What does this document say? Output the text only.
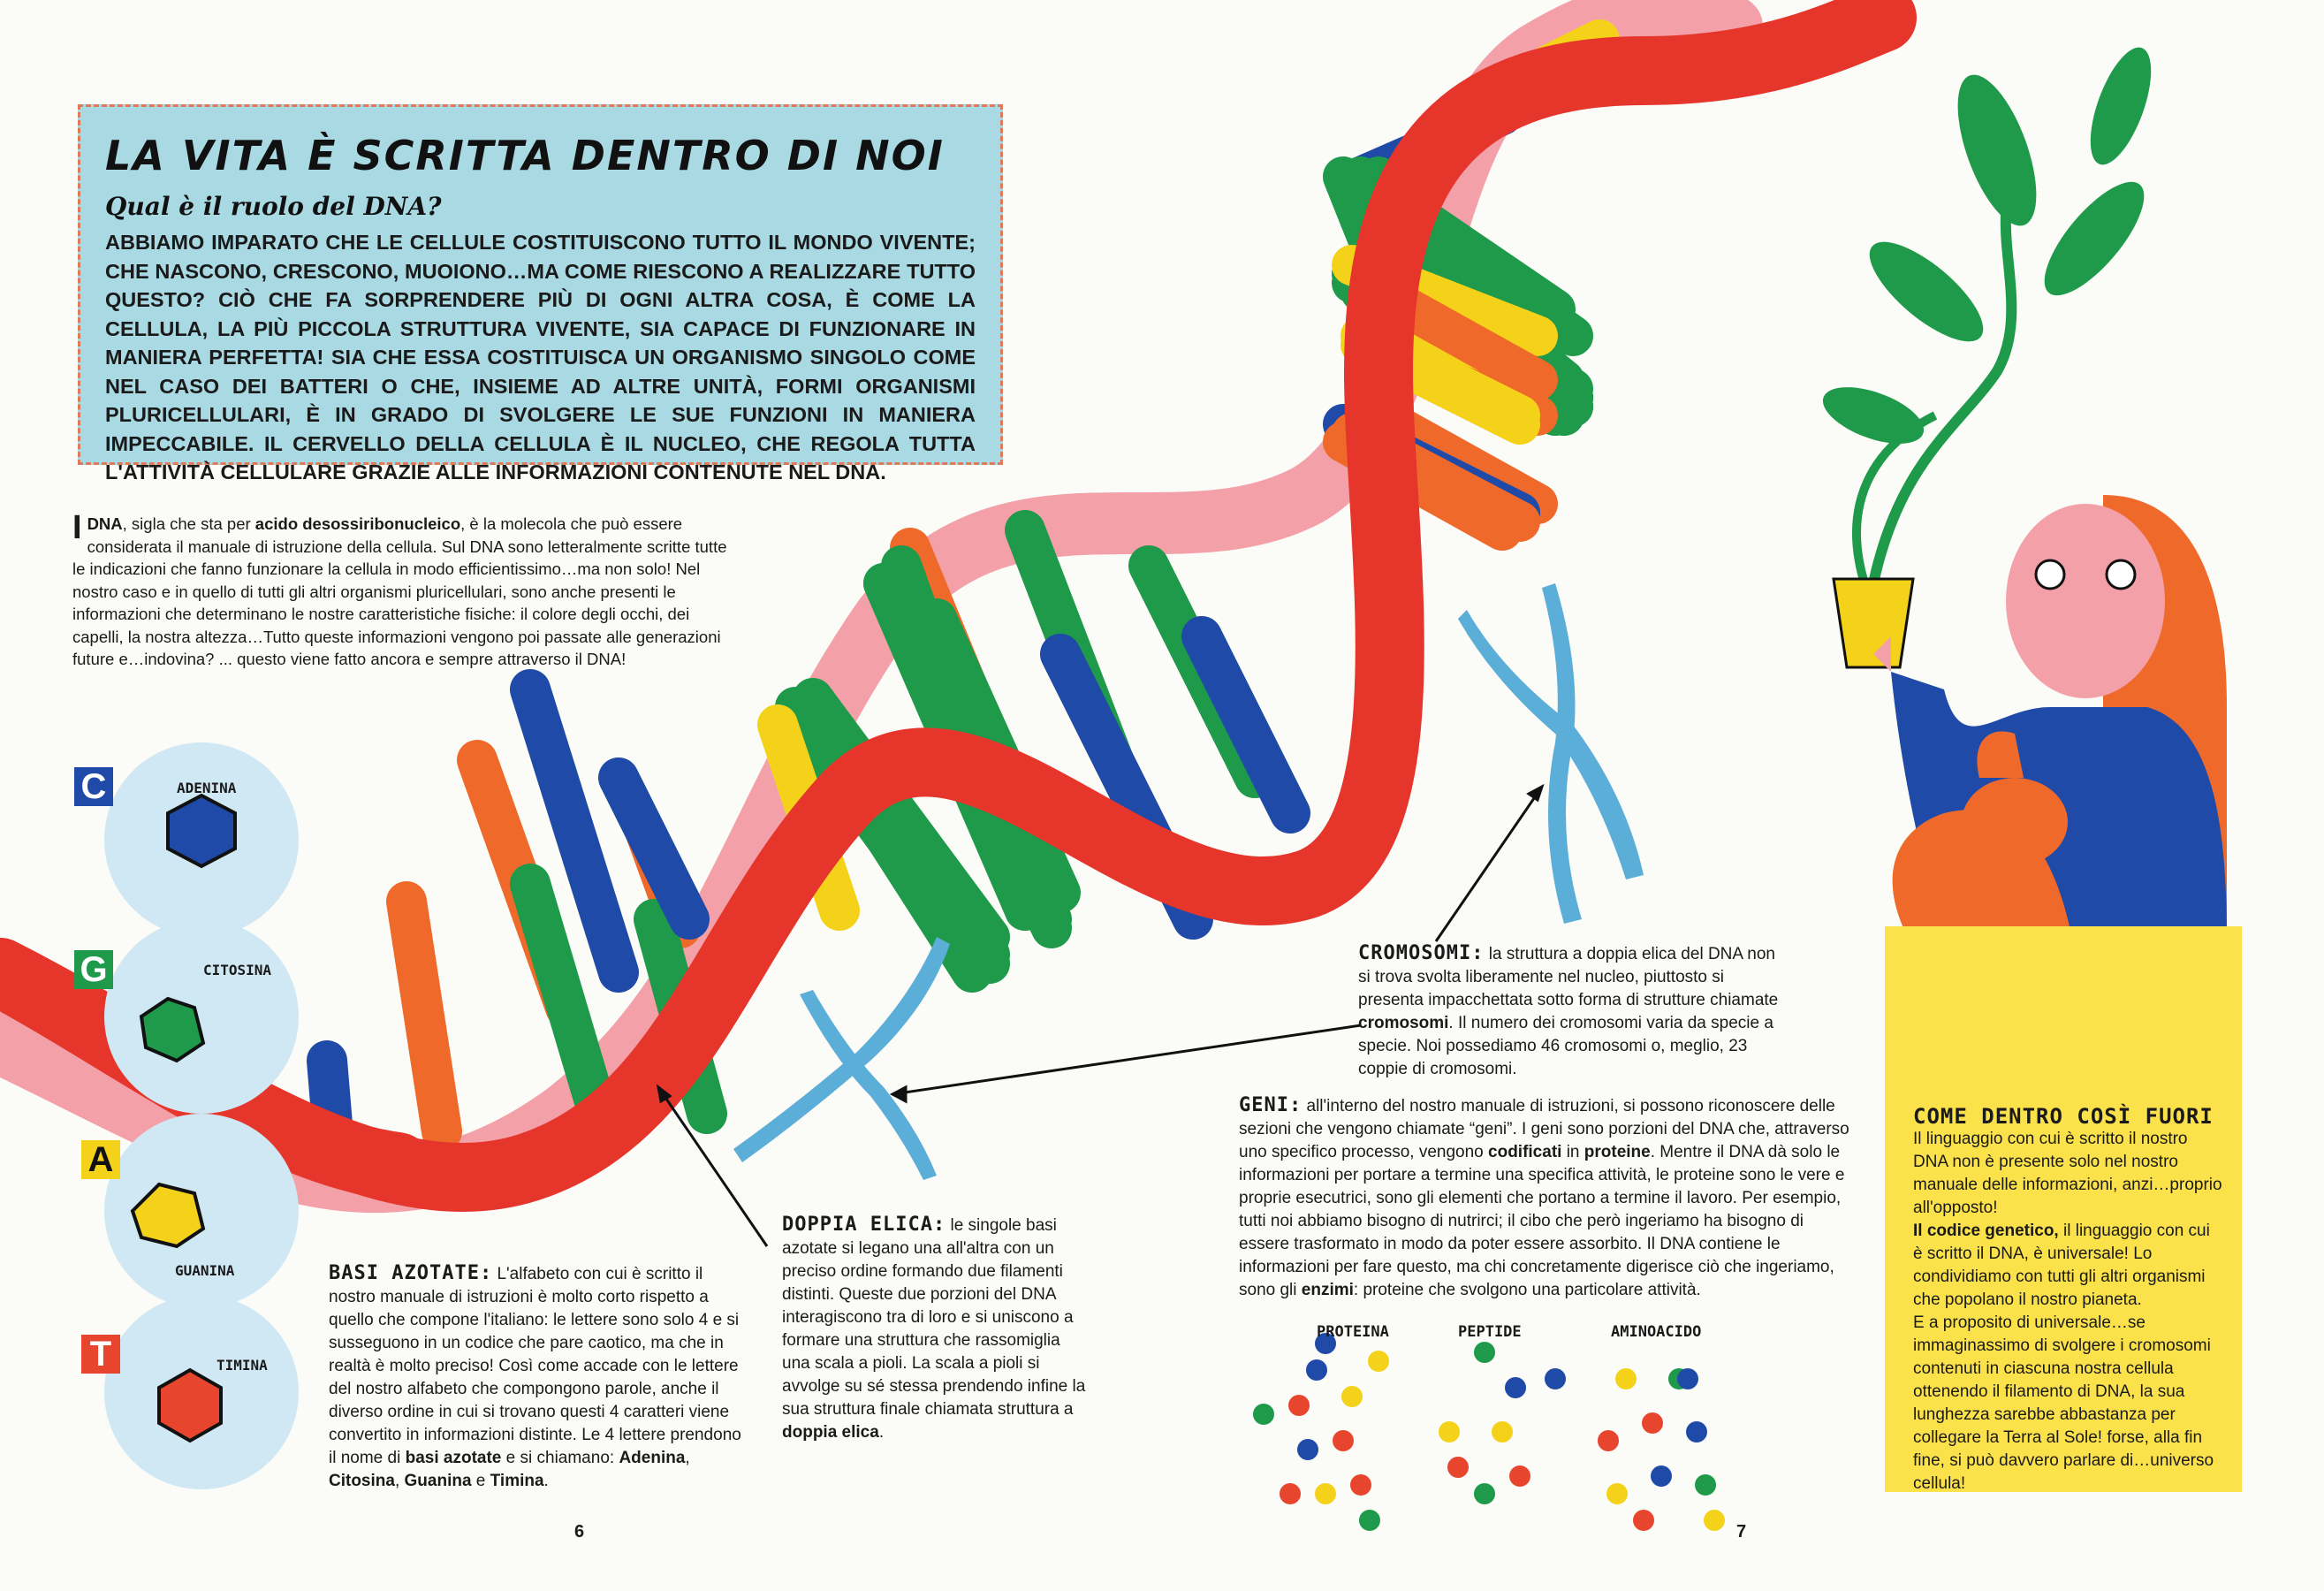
LA VITA È SCRITTA DENTRO DI NOI
Qual è il ruolo del DNA?

ABBIAMO IMPARATO CHE LE CELLULE COSTITUISCONO TUTTO IL MONDO VIVENTE; CHE NASCONO, CRESCONO, MUOIONO…MA COME RIESCONO A REALIZZARE TUTTO QUESTO? CIÒ CHE FA SORPRENDERE PIÙ DI OGNI ALTRA COSA, È COME LA CELLULA, LA PIÙ PICCOLA STRUTTURA VIVENTE, SIA CAPACE DI FUNZIONARE IN MANIERA PERFETTA! SIA CHE ESSA COSTITUISCA UN ORGANISMO SINGOLO COME NEL CASO DEI BATTERI O CHE, INSIEME AD ALTRE UNITÀ, FORMI ORGANISMI PLURICELLULARI, È IN GRADO DI SVOLGERE LE SUE FUNZIONI IN MANIERA IMPECCABILE. IL CERVELLO DELLA CELLULA È IL NUCLEO, CHE REGOLA TUTTA L'ATTIVITÀ CELLULARE GRAZIE ALLE INFORMAZIONI CONTENUTE NEL DNA.

IDNA, sigla che sta per acido desossiribonucleico, è la molecola che può essere considerata il manuale di istruzione della cellula. Sul DNA sono letteralmente scritte tutte le indicazioni che fanno funzionare la cellula in modo efficientissimo…ma non solo! Nel nostro caso e in quello di tutti gli altri organismi pluricellulari, sono anche presenti le informazioni che determinano le nostre caratteristiche fisiche: il colore degli occhi, dei capelli, la nostra altezza…Tutto queste informazioni vengono poi passate alle generazioni future e…indovina? ... questo viene fatto ancora e sempre attraverso il DNA!
C	ADENINA
G	CITOSINA
A
GUANINA
T	TIMINA
BASI AZOTATE: L'alfabeto con cui è scritto il nostro manuale di istruzioni è molto corto rispetto a quello che compone l'italiano: le lettere sono solo 4 e si susseguono in un codice che pare caotico, ma che in realtà è molto preciso! Così come accade con le lettere del nostro alfabeto che compongono parole, anche il diverso ordine in cui si trovano questi 4 caratteri viene convertito in informazioni distinte. Le 4 lettere prendono il nome di basi azotate e si chiamano: Adenina, Citosina, Guanina e Timina.
DOPPIA ELICA: le singole basi azotate si legano una all'altra con un preciso ordine formando due filamenti distinti. Queste due porzioni del DNA interagiscono tra di loro e si uniscono a formare una struttura che rassomiglia una scala a pioli. La scala a pioli si avvolge su sé stessa prendendo infine la sua struttura finale chiamata struttura a doppia elica.
CROMOSOMI: la struttura a doppia elica del DNA non si trova svolta liberamente nel nucleo, piuttosto si presenta impacchettata sotto forma di strutture chiamate cromosomi. Il numero dei cromosomi varia da specie a specie. Noi possediamo 46 cromosomi o, meglio, 23 coppie di cromosomi.
GENI: all'interno del nostro manuale di istruzioni, si possono riconoscere delle sezioni che vengono chiamate “geni”. I geni sono porzioni del DNA che, attraverso uno specifico processo, vengono codificati in proteine. Mentre il DNA dà solo le informazioni per portare a termine una specifica attività, le proteine sono le vere e proprie esecutrici, sono gli elementi che portano a termine il lavoro. Per esempio, tutti noi abbiamo bisogno di nutrirci; il cibo che però ingeriamo ha bisogno di essere trasformato in modo da poter essere assorbito. Il DNA contiene le informazioni per fare questo, ma chi concretamente digerisce ciò che ingeriamo, sono gli enzimi: proteine che svolgono una particolare attività.
PROTEINA	PEPTIDE	AMINOACIDO
COME DENTRO COSÌ FUORI
Il linguaggio con cui è scritto il nostro DNA non è presente solo nel nostro manuale delle informazioni, anzi…proprio all'opposto!
Il codice genetico, il linguaggio con cui è scritto il DNA, è universale! Lo condividiamo con tutti gli altri organismi che popolano il nostro pianeta.
E a proposito di universale…se immaginassimo di svolgere i cromosomi contenuti in ciascuna nostra cellula ottenendo il filamento di DNA, la sua lunghezza sarebbe abbastanza per collegare la Terra al Sole! forse, alla fin fine, si può davvero parlare di…universo cellula!
6	7
